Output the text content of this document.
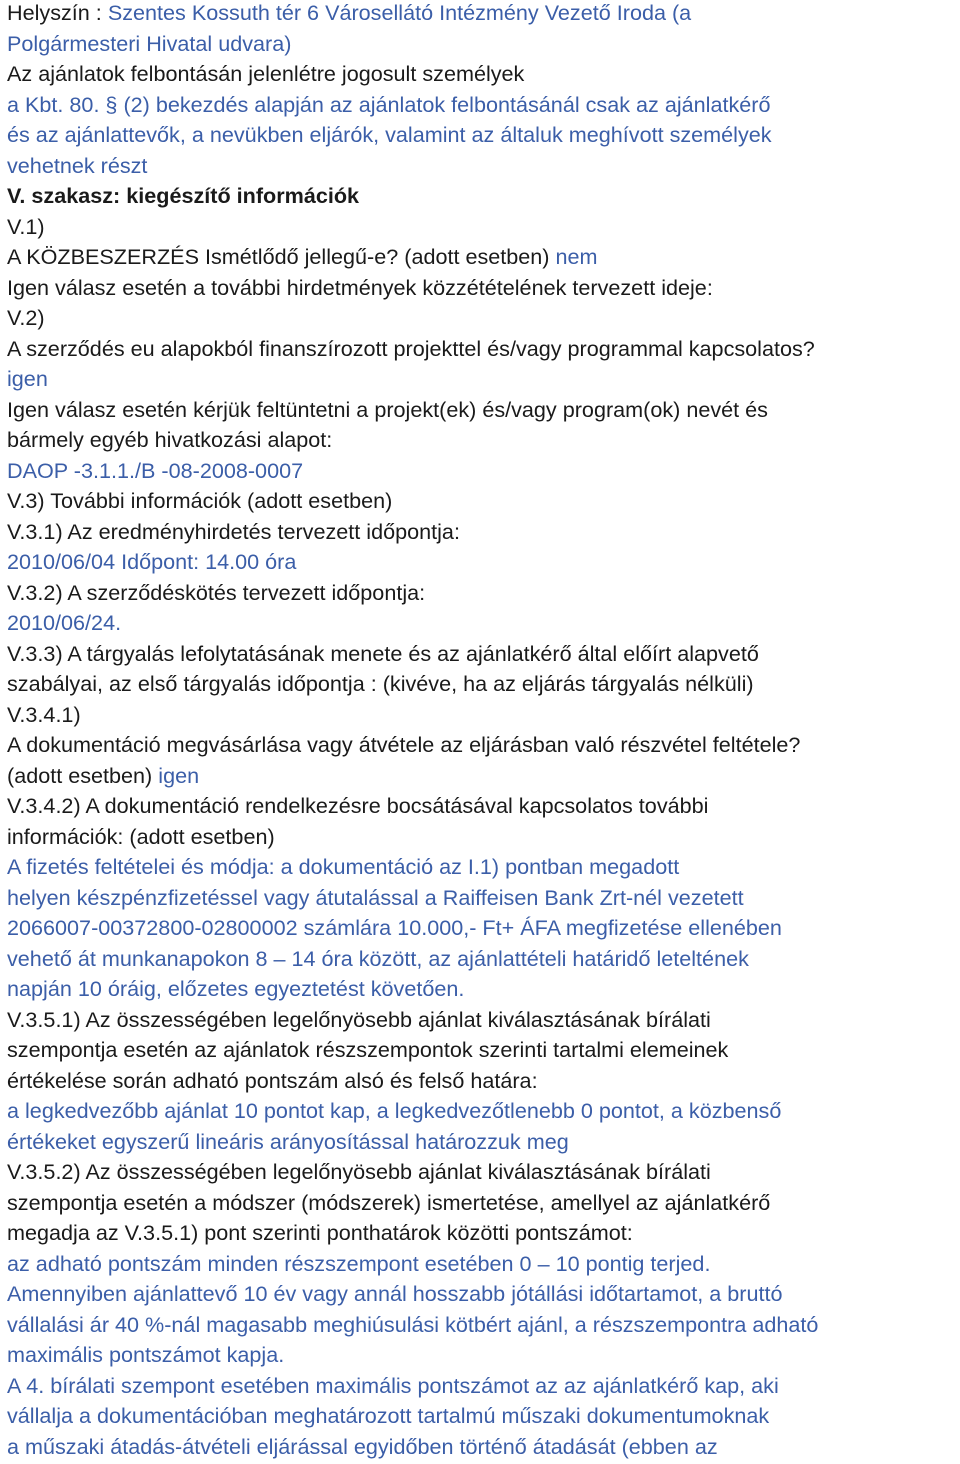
Helyszín : Szentes Kossuth tér 6 Városellátó Intézmény Vezető Iroda (a
Polgármesteri Hivatal udvara)
Az ajánlatok felbontásán jelenlétre jogosult személyek
a Kbt. 80. § (2) bekezdés alapján az ajánlatok felbontásánál csak az ajánlatkérő
és az ajánlattevők, a nevükben eljárók, valamint az általuk meghívott személyek
vehetnek részt
V. szakasz: kiegészítő információk
V.1)
A KÖZBESZERZÉS Ismétlődő jellegű-e? (adott esetben) nem
Igen válasz esetén a további hirdetmények közzétételének tervezett ideje:
V.2)
A szerződés eu alapokból finanszírozott projekttel és/vagy programmal kapcsolatos?
igen
Igen válasz esetén kérjük feltüntetni a projekt(ek) és/vagy program(ok) nevét és
bármely egyéb hivatkozási alapot:
DAOP -3.1.1./B -08-2008-0007
V.3) További információk (adott esetben)
V.3.1) Az eredményhirdetés tervezett időpontja:
2010/06/04 Időpont: 14.00 óra
V.3.2) A szerződéskötés tervezett időpontja:
2010/06/24.
V.3.3) A tárgyalás lefolytatásának menete és az ajánlatkérő által előírt alapvető
szabályai, az első tárgyalás időpontja : (kivéve, ha az eljárás tárgyalás nélküli)
V.3.4.1)
A dokumentáció megvásárlása vagy átvétele az eljárásban való részvétel feltétele?
(adott esetben) igen
V.3.4.2) A dokumentáció rendelkezésre bocsátásával kapcsolatos további
információk: (adott esetben)
A fizetés feltételei és módja: a dokumentáció az I.1) pontban megadott
helyen készpénzfizetéssel vagy átutalással a Raiffeisen Bank Zrt-nél vezetett
2066007-00372800-02800002 számlára 10.000,- Ft+ ÁFA megfizetése ellenében
vehető át munkanapokon 8 – 14 óra között, az ajánlattételi határidő leteltének
napján 10 óráig, előzetes egyeztetést követően.
V.3.5.1) Az összességében legelőnyösebb ajánlat kiválasztásának bírálati
szempontja esetén az ajánlatok részszempontok szerinti tartalmi elemeinek
értékelése során adható pontszám alsó és felső határa:
a legkedvezőbb ajánlat 10 pontot kap, a legkedvezőtlenebb 0 pontot, a közbenső
értékeket egyszerű lineáris arányosítással határozzuk meg
V.3.5.2) Az összességében legelőnyösebb ajánlat kiválasztásának bírálati
szempontja esetén a módszer (módszerek) ismertetése, amellyel az ajánlatkérő
megadja az V.3.5.1) pont szerinti ponthatárok közötti pontszámot:
az adható pontszám minden részszempont esetében 0 – 10 pontig terjed.
Amennyiben ajánlattevő 10 év vagy annál hosszabb jótállási időtartamot, a bruttó
vállalási ár 40 %-nál magasabb meghiúsulási kötbért ajánl, a részszempontra adható
maximális pontszámot kapja.
A 4. bírálati szempont esetében maximális pontszámot az az ajánlatkérő kap, aki
vállalja a dokumentációban meghatározott tartalmú műszaki dokumentumoknak
a műszaki átadás-átvételi eljárással egyidőben történő átadását (ebben az
